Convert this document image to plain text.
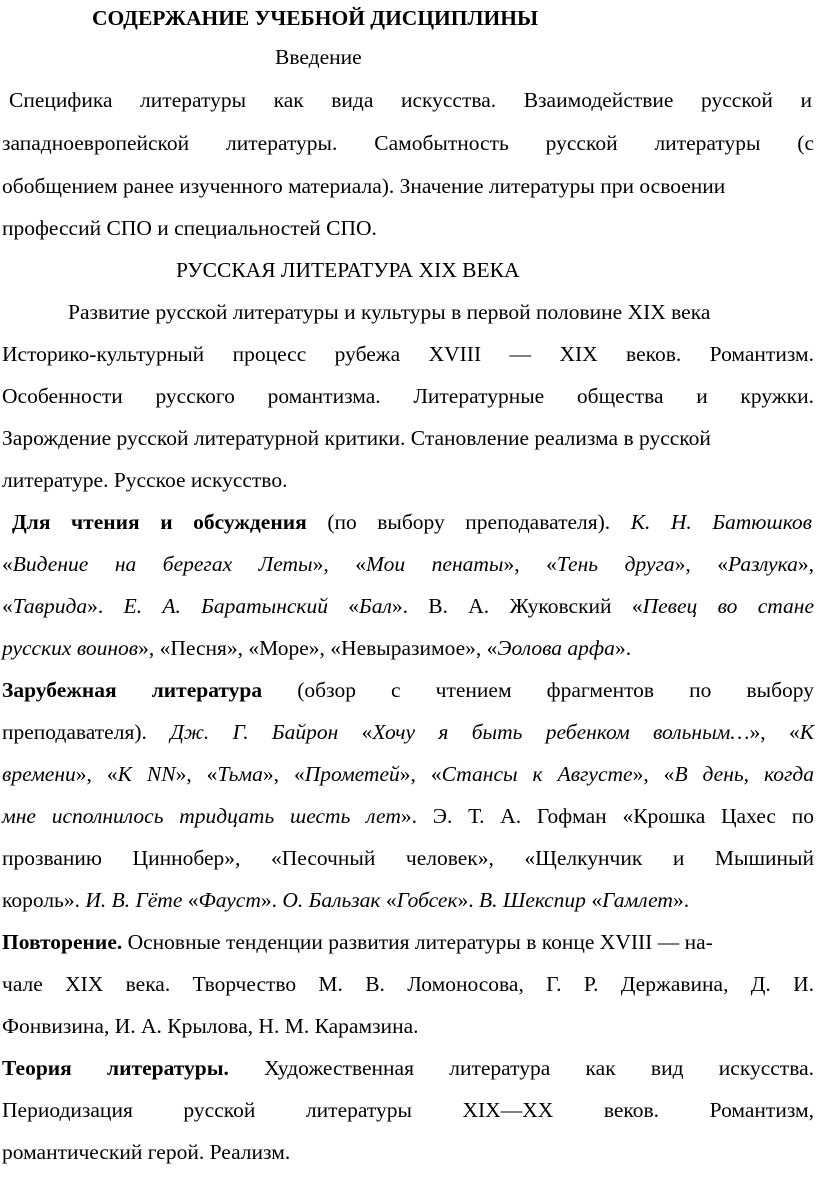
СОДЕРЖАНИЕ УЧЕБНОЙ ДИСЦИПЛИНЫ
Введение
Специфика литературы как вида искусства. Взаимодействие русской и
западноевропейской литературы. Самобытность русской литературы (с
обобщением ранее изученного материала). Значение литературы при освоении
профессий СПО и специальностей СПО.
РУССКАЯ ЛИТЕРАТУРА XIX ВЕКА
Развитие русской литературы и культуры в первой половине XIX века
Историко-культурный процесс рубежа XVIII — XIX веков. Романтизм.
Особенности русского романтизма. Литературные общества и кружки.
Зарождение русской литературной критики. Становление реализма в русской
литературе. Русское искусство.
Для чтения и обсуждения (по выбору преподавателя). К. Н. Батюшков
«Видение на берегах Леты», «Мои пенаты», «Тень друга», «Разлука»,
«Таврида». Е. А. Баратынский «Бал». В. А. Жуковский «Певец во стане
русских воинов», «Песня», «Море», «Невыразимое», «Эолова арфа».
Зарубежная литература (обзор с чтением фрагментов по выбору
преподавателя). Дж. Г. Байрон «Хочу я быть ребенком вольным…», «К
времени», «К NN», «Тьма», «Прометей», «Стансы к Августе», «В день, когда
мне исполнилось тридцать шесть лет». Э. Т. А. Гофман «Крошка Цахес по
прозванию Циннобер», «Песочный человек», «Щелкунчик и Мышиный
король». И. В. Гёте «Фауст». О. Бальзак «Гобсек». В. Шекспир «Гамлет».
Повторение. Основные тенденции развития литературы в конце XVIII — на-
чале XIX века. Творчество М. В. Ломоносова, Г. Р. Державина, Д. И.
Фонвизина, И. А. Крылова, Н. М. Карамзина.
Теория литературы. Художественная литература как вид искусства.
Периодизация русской литературы XIX—XX веков. Романтизм,
романтический герой. Реализм.
